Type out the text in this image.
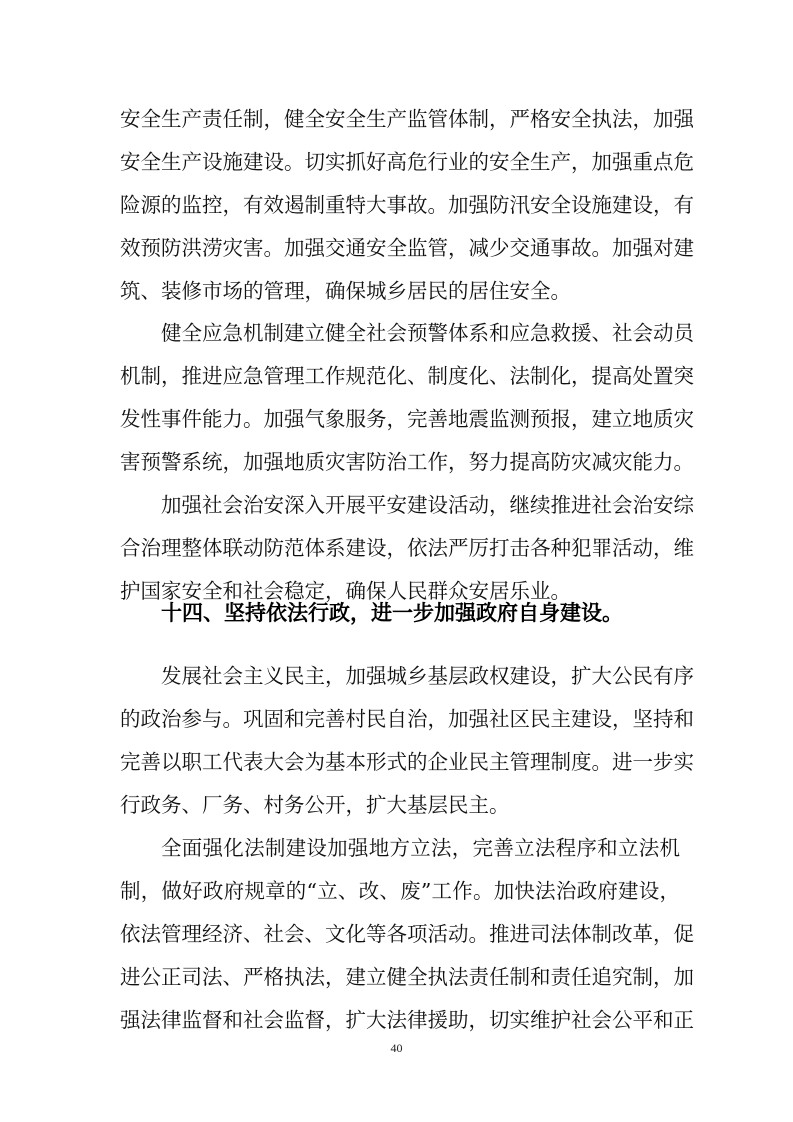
安全生产责任制，健全安全生产监管体制，严格安全执法，加强
安全生产设施建设。切实抓好高危行业的安全生产，加强重点危
险源的监控，有效遏制重特大事故。加强防汛安全设施建设，有
效预防洪涝灾害。加强交通安全监管，减少交通事故。加强对建
筑、装修市场的管理，确保城乡居民的居住安全。
健全应急机制建立健全社会预警体系和应急救援、社会动员
机制，推进应急管理工作规范化、制度化、法制化，提高处置突
发性事件能力。加强气象服务，完善地震监测预报，建立地质灾
害预警系统，加强地质灾害防治工作，努力提高防灾减灾能力。
加强社会治安深入开展平安建设活动，继续推进社会治安综
合治理整体联动防范体系建设，依法严厉打击各种犯罪活动，维
护国家安全和社会稳定，确保人民群众安居乐业。
十四、坚持依法行政，进一步加强政府自身建设。
发展社会主义民主，加强城乡基层政权建设，扩大公民有序
的政治参与。巩固和完善村民自治，加强社区民主建设，坚持和
完善以职工代表大会为基本形式的企业民主管理制度。进一步实
行政务、厂务、村务公开，扩大基层民主。
全面强化法制建设加强地方立法，完善立法程序和立法机
制，做好政府规章的“立、改、废”工作。加快法治政府建设，
依法管理经济、社会、文化等各项活动。推进司法体制改革，促
进公正司法、严格执法，建立健全执法责任制和责任追究制，加
强法律监督和社会监督，扩大法律援助，切实维护社会公平和正
40
